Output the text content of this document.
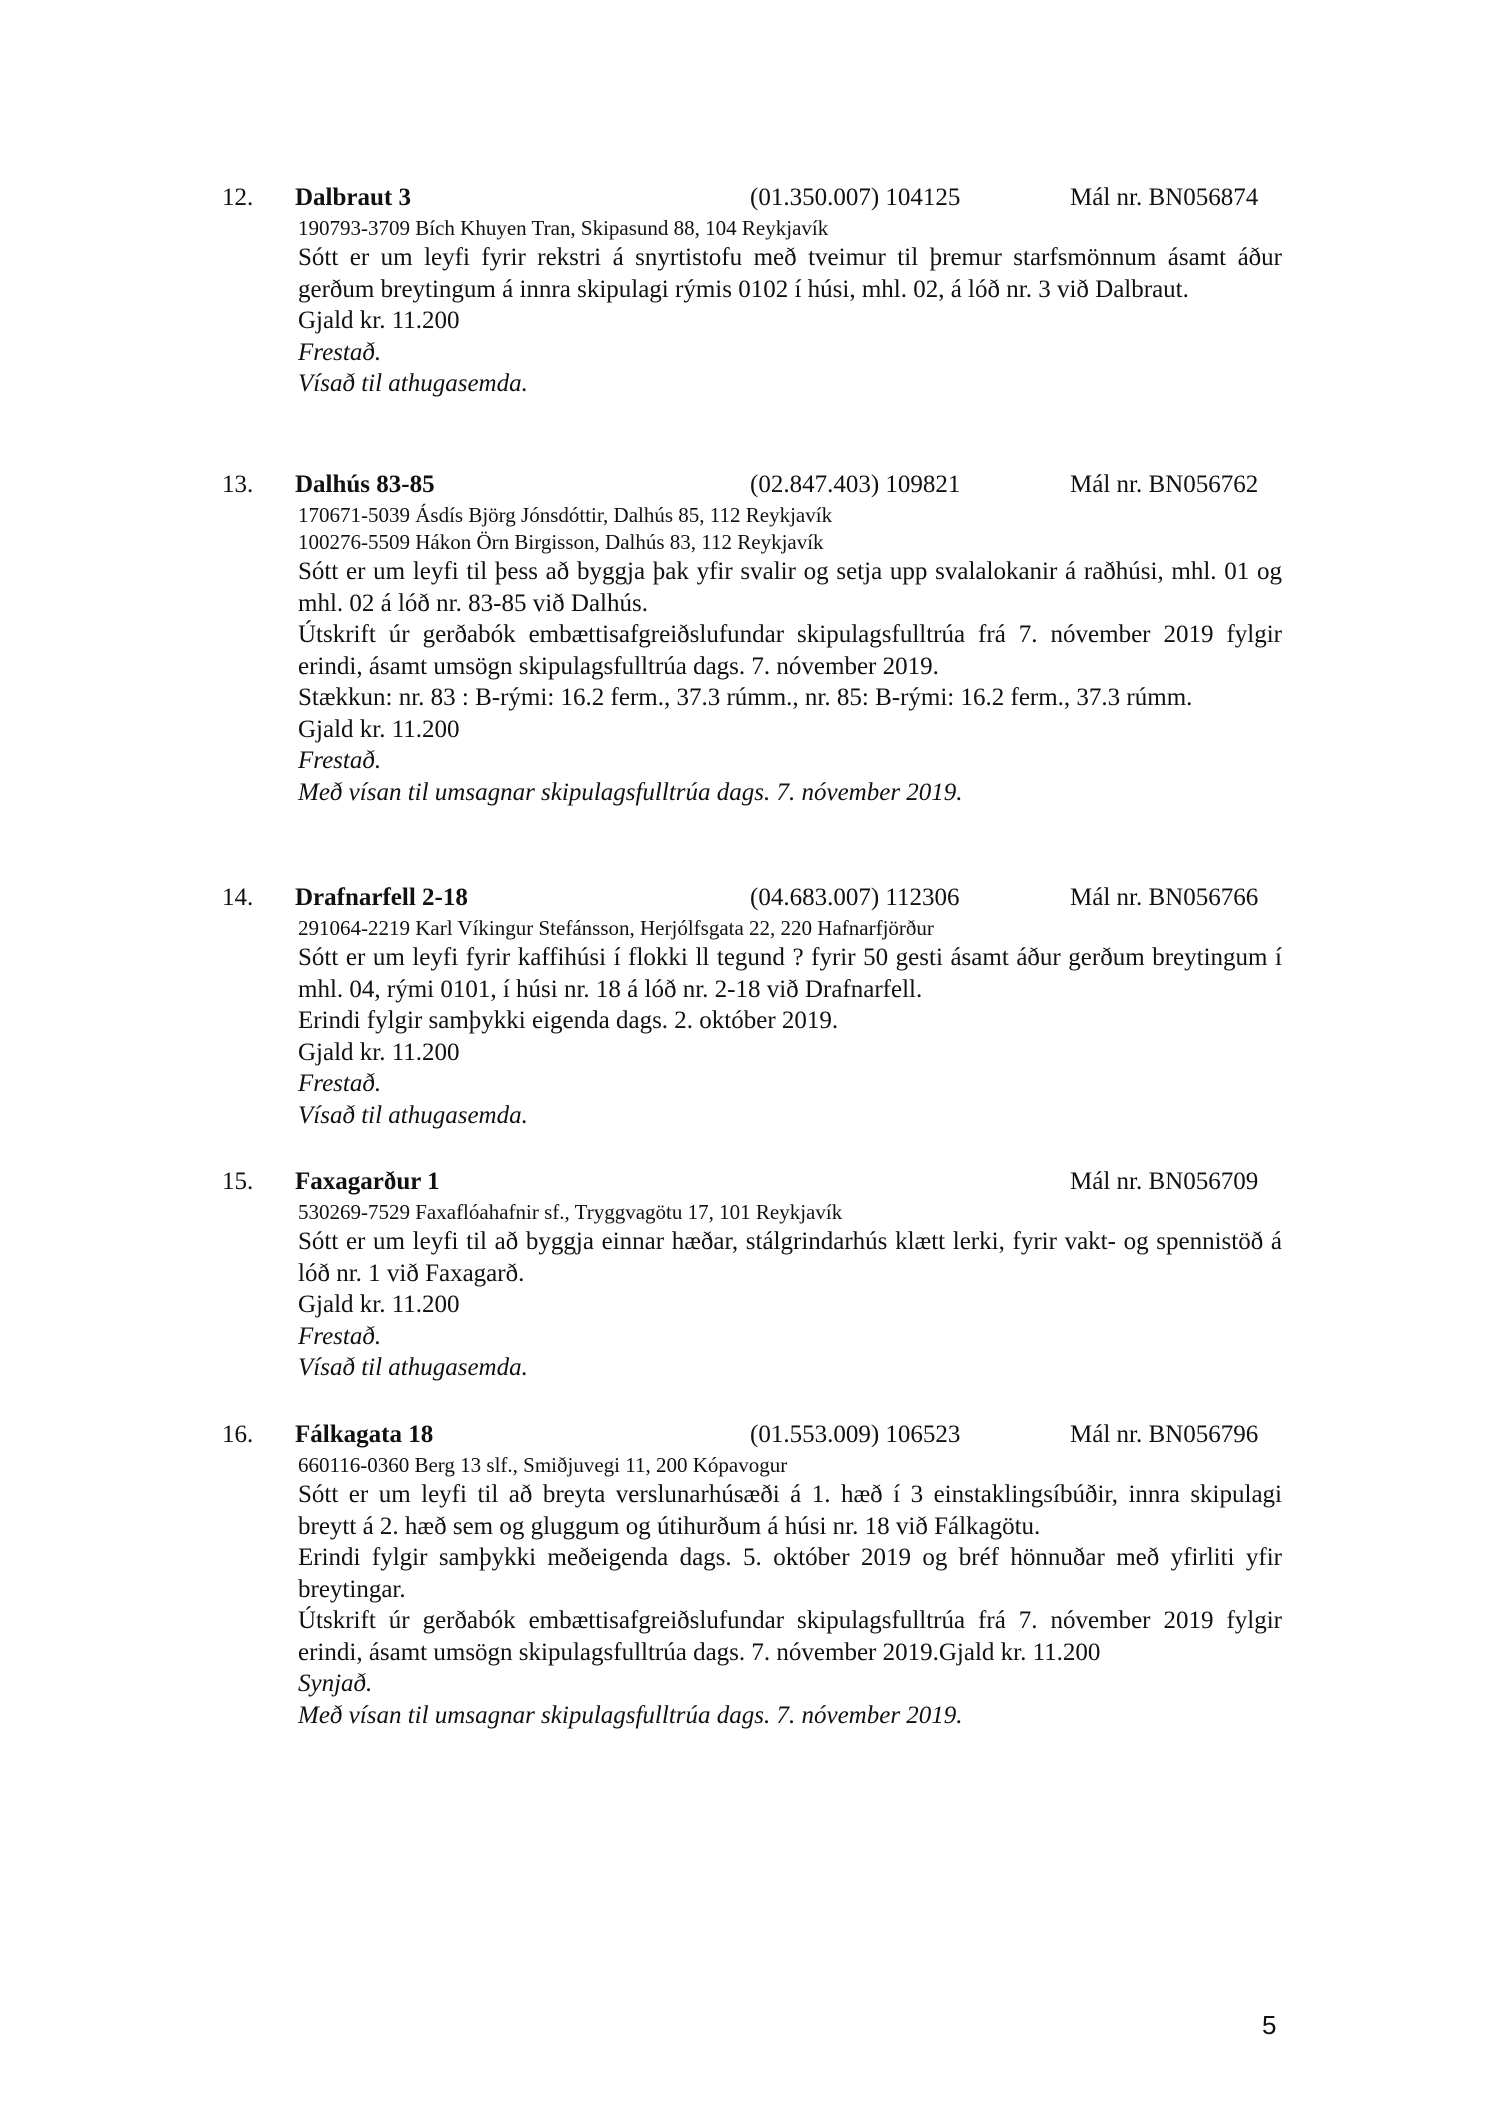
12. Dalbraut 3	(01.350.007) 104125	Mál nr. BN056874
190793-3709 Bích Khuyen Tran, Skipasund 88, 104 Reykjavík
Sótt er um leyfi fyrir rekstri á snyrtistofu með tveimur til þremur starfsmönnum ásamt áður gerðum breytingum á innra skipulagi rýmis 0102 í húsi, mhl. 02, á lóð nr. 3 við Dalbraut.
Gjald kr. 11.200
Frestað.
Vísað til athugasemda.
13. Dalhús 83-85	(02.847.403) 109821	Mál nr. BN056762
170671-5039 Ásdís Björg Jónsdóttir, Dalhús 85, 112 Reykjavík
100276-5509 Hákon Örn Birgisson, Dalhús 83, 112 Reykjavík
Sótt er um leyfi til þess að byggja þak yfir svalir og setja upp svalalokanir á raðhúsi, mhl. 01 og mhl. 02 á lóð nr. 83-85 við Dalhús.
Útskrift úr gerðabók embættisafgreiðslufundar skipulagsfulltrúa frá 7. nóvember 2019 fylgir erindi, ásamt umsögn skipulagsfulltrúa dags. 7. nóvember 2019.
Stækkun: nr. 83 : B-rými: 16.2 ferm., 37.3 rúmm., nr. 85: B-rými: 16.2 ferm., 37.3 rúmm.
Gjald kr. 11.200
Frestað.
Með vísan til umsagnar skipulagsfulltrúa dags. 7. nóvember 2019.
14. Drafnarfell 2-18	(04.683.007) 112306	Mál nr. BN056766
291064-2219 Karl Víkingur Stefánsson, Herjólfsgata 22, 220 Hafnarfjörður
Sótt er um leyfi fyrir kaffihúsi í flokki ll tegund ? fyrir 50 gesti ásamt áður gerðum breytingum í mhl. 04, rými 0101, í húsi nr. 18 á lóð nr. 2-18 við Drafnarfell.
Erindi fylgir samþykki eigenda dags. 2. október 2019.
Gjald kr. 11.200
Frestað.
Vísað til athugasemda.
15. Faxagarður 1	Mál nr. BN056709
530269-7529 Faxaflóahafnir sf., Tryggvagötu 17, 101 Reykjavík
Sótt er um leyfi til að byggja einnar hæðar, stálgrindarhús klætt lerki, fyrir vakt- og spennistöð á lóð nr. 1 við Faxagarð.
Gjald kr. 11.200
Frestað.
Vísað til athugasemda.
16. Fálkagata 18	(01.553.009) 106523	Mál nr. BN056796
660116-0360 Berg 13 slf., Smiðjuvegi 11, 200 Kópavogur
Sótt er um leyfi til að breyta verslunarhúsæði á 1. hæð í 3 einstaklingsíbúðir, innra skipulagi breytt á 2. hæð sem og gluggum og útihurðum á húsi nr. 18 við Fálkagötu.
Erindi fylgir samþykki meðeigenda dags. 5. október 2019 og bréf hönnuðar með yfirliti yfir breytingar.
Útskrift úr gerðabók embættisafgreiðslufundar skipulagsfulltrúa frá 7. nóvember 2019 fylgir erindi, ásamt umsögn skipulagsfulltrúa dags. 7. nóvember 2019.Gjald kr. 11.200
Synjað.
Með vísan til umsagnar skipulagsfulltrúa dags. 7. nóvember 2019.
5
